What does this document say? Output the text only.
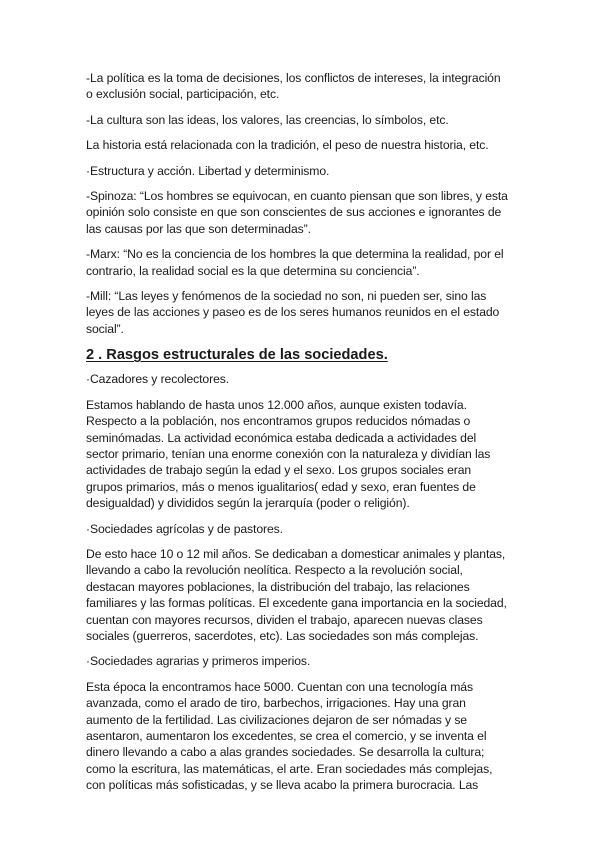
-La política es la toma de decisiones, los conflictos de intereses, la integración
o exclusión social, participación, etc.

-La cultura son las ideas, los valores, las creencias, lo símbolos, etc.

La historia está relacionada con la tradición, el peso de nuestra historia, etc.

·Estructura y acción. Libertad y determinismo.

-Spinoza: “Los hombres se equivocan, en cuanto piensan que son libres, y esta
opinión solo consiste en que son conscientes de sus acciones e ignorantes de
las causas por las que son determinadas”.

-Marx: “No es la conciencia de los hombres la que determina la realidad, por el
contrario, la realidad social es la que determina su conciencia”.

-Mill: “Las leyes y fenómenos de la sociedad no son, ni pueden ser, sino las
leyes de las acciones y paseo es de los seres humanos reunidos en el estado
social”.

2 . Rasgos estructurales de las sociedades.

·Cazadores y recolectores.

Estamos hablando de hasta unos 12.000 años, aunque existen todavía.
Respecto a la población, nos encontramos grupos reducidos nómadas o
seminómadas. La actividad económica estaba dedicada a actividades del
sector primario, tenían una enorme conexión con la naturaleza y dividían las
actividades de trabajo según la edad y el sexo. Los grupos sociales eran
grupos primarios, más o menos igualitarios( edad y sexo, eran fuentes de
desigualdad) y divididos según la jerarquía (poder o religión).

·Sociedades agrícolas y de pastores.

De esto hace 10 o 12 mil años. Se dedicaban a domesticar animales y plantas,
llevando a cabo la revolución neolítica. Respecto a la revolución social,
destacan mayores poblaciones, la distribución del trabajo, las relaciones
familiares y las formas políticas. El excedente gana importancia en la sociedad,
cuentan con mayores recursos, dividen el trabajo, aparecen nuevas clases
sociales (guerreros, sacerdotes, etc). Las sociedades son más complejas.

·Sociedades agrarias y primeros imperios.

Esta época la encontramos hace 5000. Cuentan con una tecnología más
avanzada, como el arado de tiro, barbechos, irrigaciones. Hay una gran
aumento de la fertilidad. Las civilizaciones dejaron de ser nómadas y se
asentaron, aumentaron los excedentes, se crea el comercio, y se inventa el
dinero llevando a cabo a alas grandes sociedades. Se desarrolla la cultura;
como la escritura, las matemáticas, el arte. Eran sociedades más complejas,
con políticas más sofisticadas, y se lleva acabo la primera burocracia. Las
